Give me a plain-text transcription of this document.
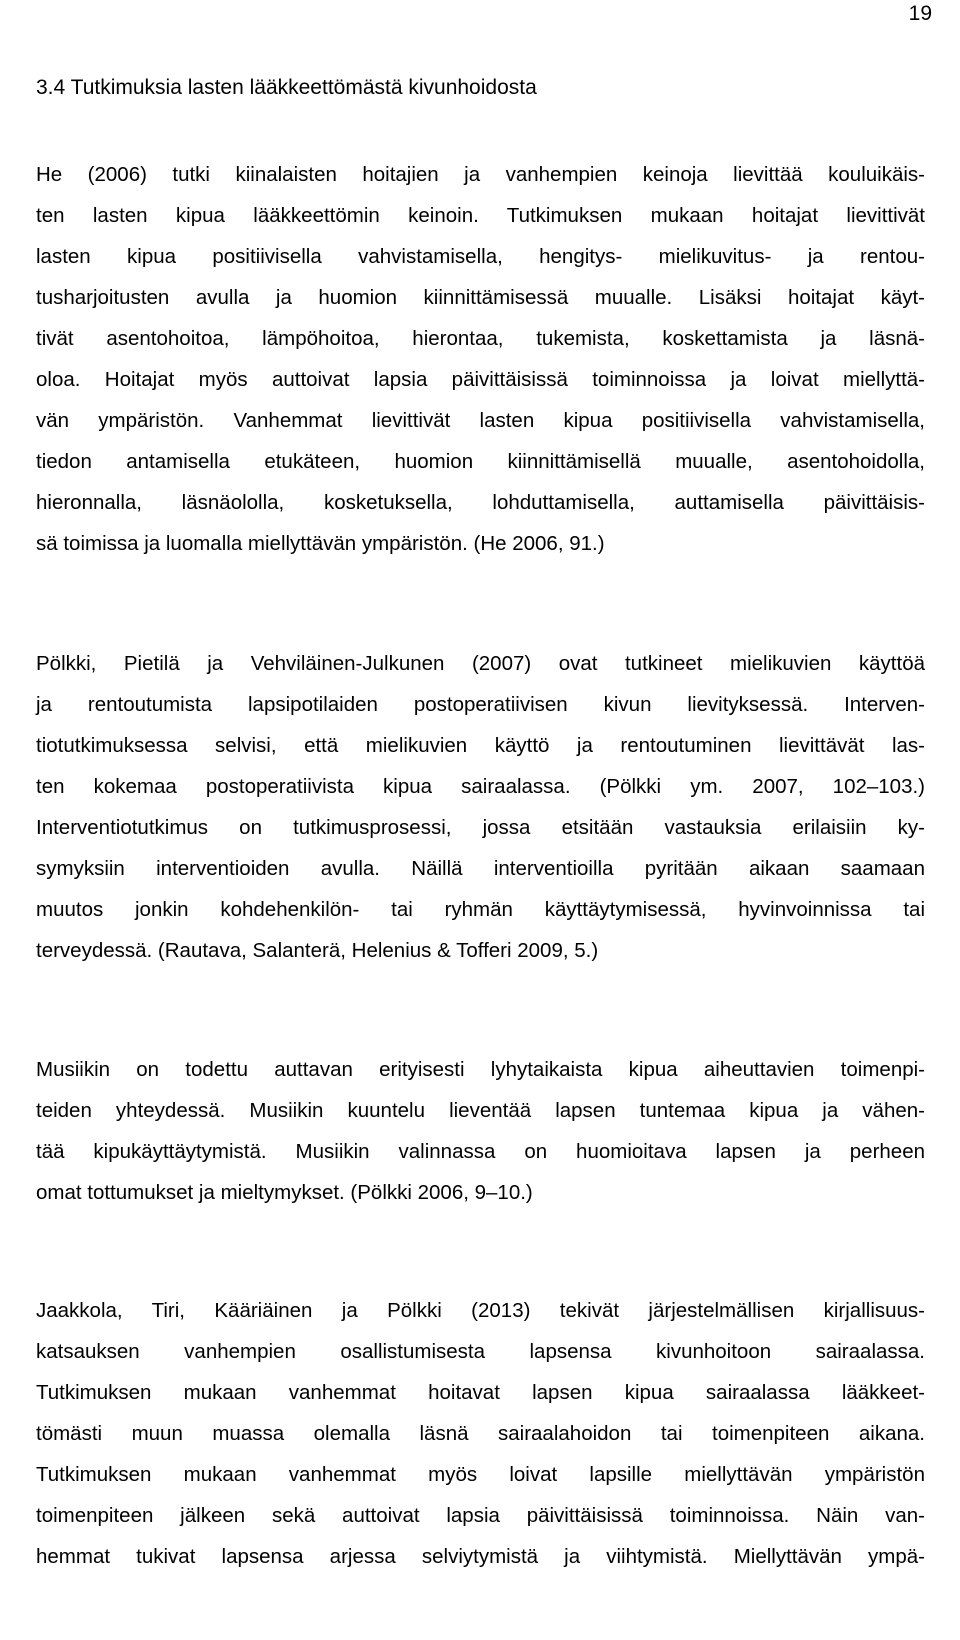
19
3.4 Tutkimuksia lasten lääkkeettömästä kivunhoidosta
He (2006) tutki kiinalaisten hoitajien ja vanhempien keinoja lievittää kouluikäis-
ten lasten kipua lääkkeettömin keinoin. Tutkimuksen mukaan hoitajat lievittivät
lasten kipua positiivisella vahvistamisella, hengitys- mielikuvitus- ja rentou-
tusharjoitusten avulla ja huomion kiinnittämisessä muualle. Lisäksi hoitajat käyt-
tivät asentohoitoa, lämpöhoitoa, hierontaa, tukemista, koskettamista ja läsnä-
oloa. Hoitajat myös auttoivat lapsia päivittäisissä toiminnoissa ja loivat miellyttä-
vän ympäristön. Vanhemmat lievittivät lasten kipua positiivisella vahvistamisella,
tiedon antamisella etukäteen, huomion kiinnittämisellä muualle, asentohoidolla,
hieronnalla, läsnäololla, kosketuksella, lohduttamisella, auttamisella päivittäisis-
sä toimissa ja luomalla miellyttävän ympäristön. (He 2006, 91.)
Pölkki, Pietilä ja Vehviläinen-Julkunen (2007) ovat tutkineet mielikuvien käyttöä
ja rentoutumista lapsipotilaiden postoperatiivisen kivun lievityksessä. Interven-
tiotutkimuksessa selvisi, että mielikuvien käyttö ja rentoutuminen lievittävät las-
ten kokemaa postoperatiivista kipua sairaalassa. (Pölkki ym. 2007, 102–103.)
Interventiotutkimus on tutkimusprosessi, jossa etsitään vastauksia erilaisiin ky-
symyksiin interventioiden avulla. Näillä interventioilla pyritään aikaan saamaan
muutos jonkin kohdehenkilön- tai ryhmän käyttäytymisessä, hyvinvoinnissa tai
terveydessä. (Rautava, Salanterä, Helenius & Tofferi 2009, 5.)
Musiikin on todettu auttavan erityisesti lyhytaikaista kipua aiheuttavien toimenpi-
teiden yhteydessä. Musiikin kuuntelu lieventää lapsen tuntemaa kipua ja vähen-
tää kipukäyttäytymistä. Musiikin valinnassa on huomioitava lapsen ja perheen
omat tottumukset ja mieltymykset. (Pölkki 2006, 9–10.)
Jaakkola, Tiri, Kääriäinen ja Pölkki (2013) tekivät järjestelmällisen kirjallisuus-
katsauksen vanhempien osallistumisesta lapsensa kivunhoitoon sairaalassa.
Tutkimuksen mukaan vanhemmat hoitavat lapsen kipua sairaalassa lääkkeet-
tömästi muun muassa olemalla läsnä sairaalahoidon tai toimenpiteen aikana.
Tutkimuksen mukaan vanhemmat myös loivat lapsille miellyttävän ympäristön
toimenpiteen jälkeen sekä auttoivat lapsia päivittäisissä toiminnoissa. Näin van-
hemmat tukivat lapsensa arjessa selviytymistä ja viihtymistä. Miellyttävän ympä-
